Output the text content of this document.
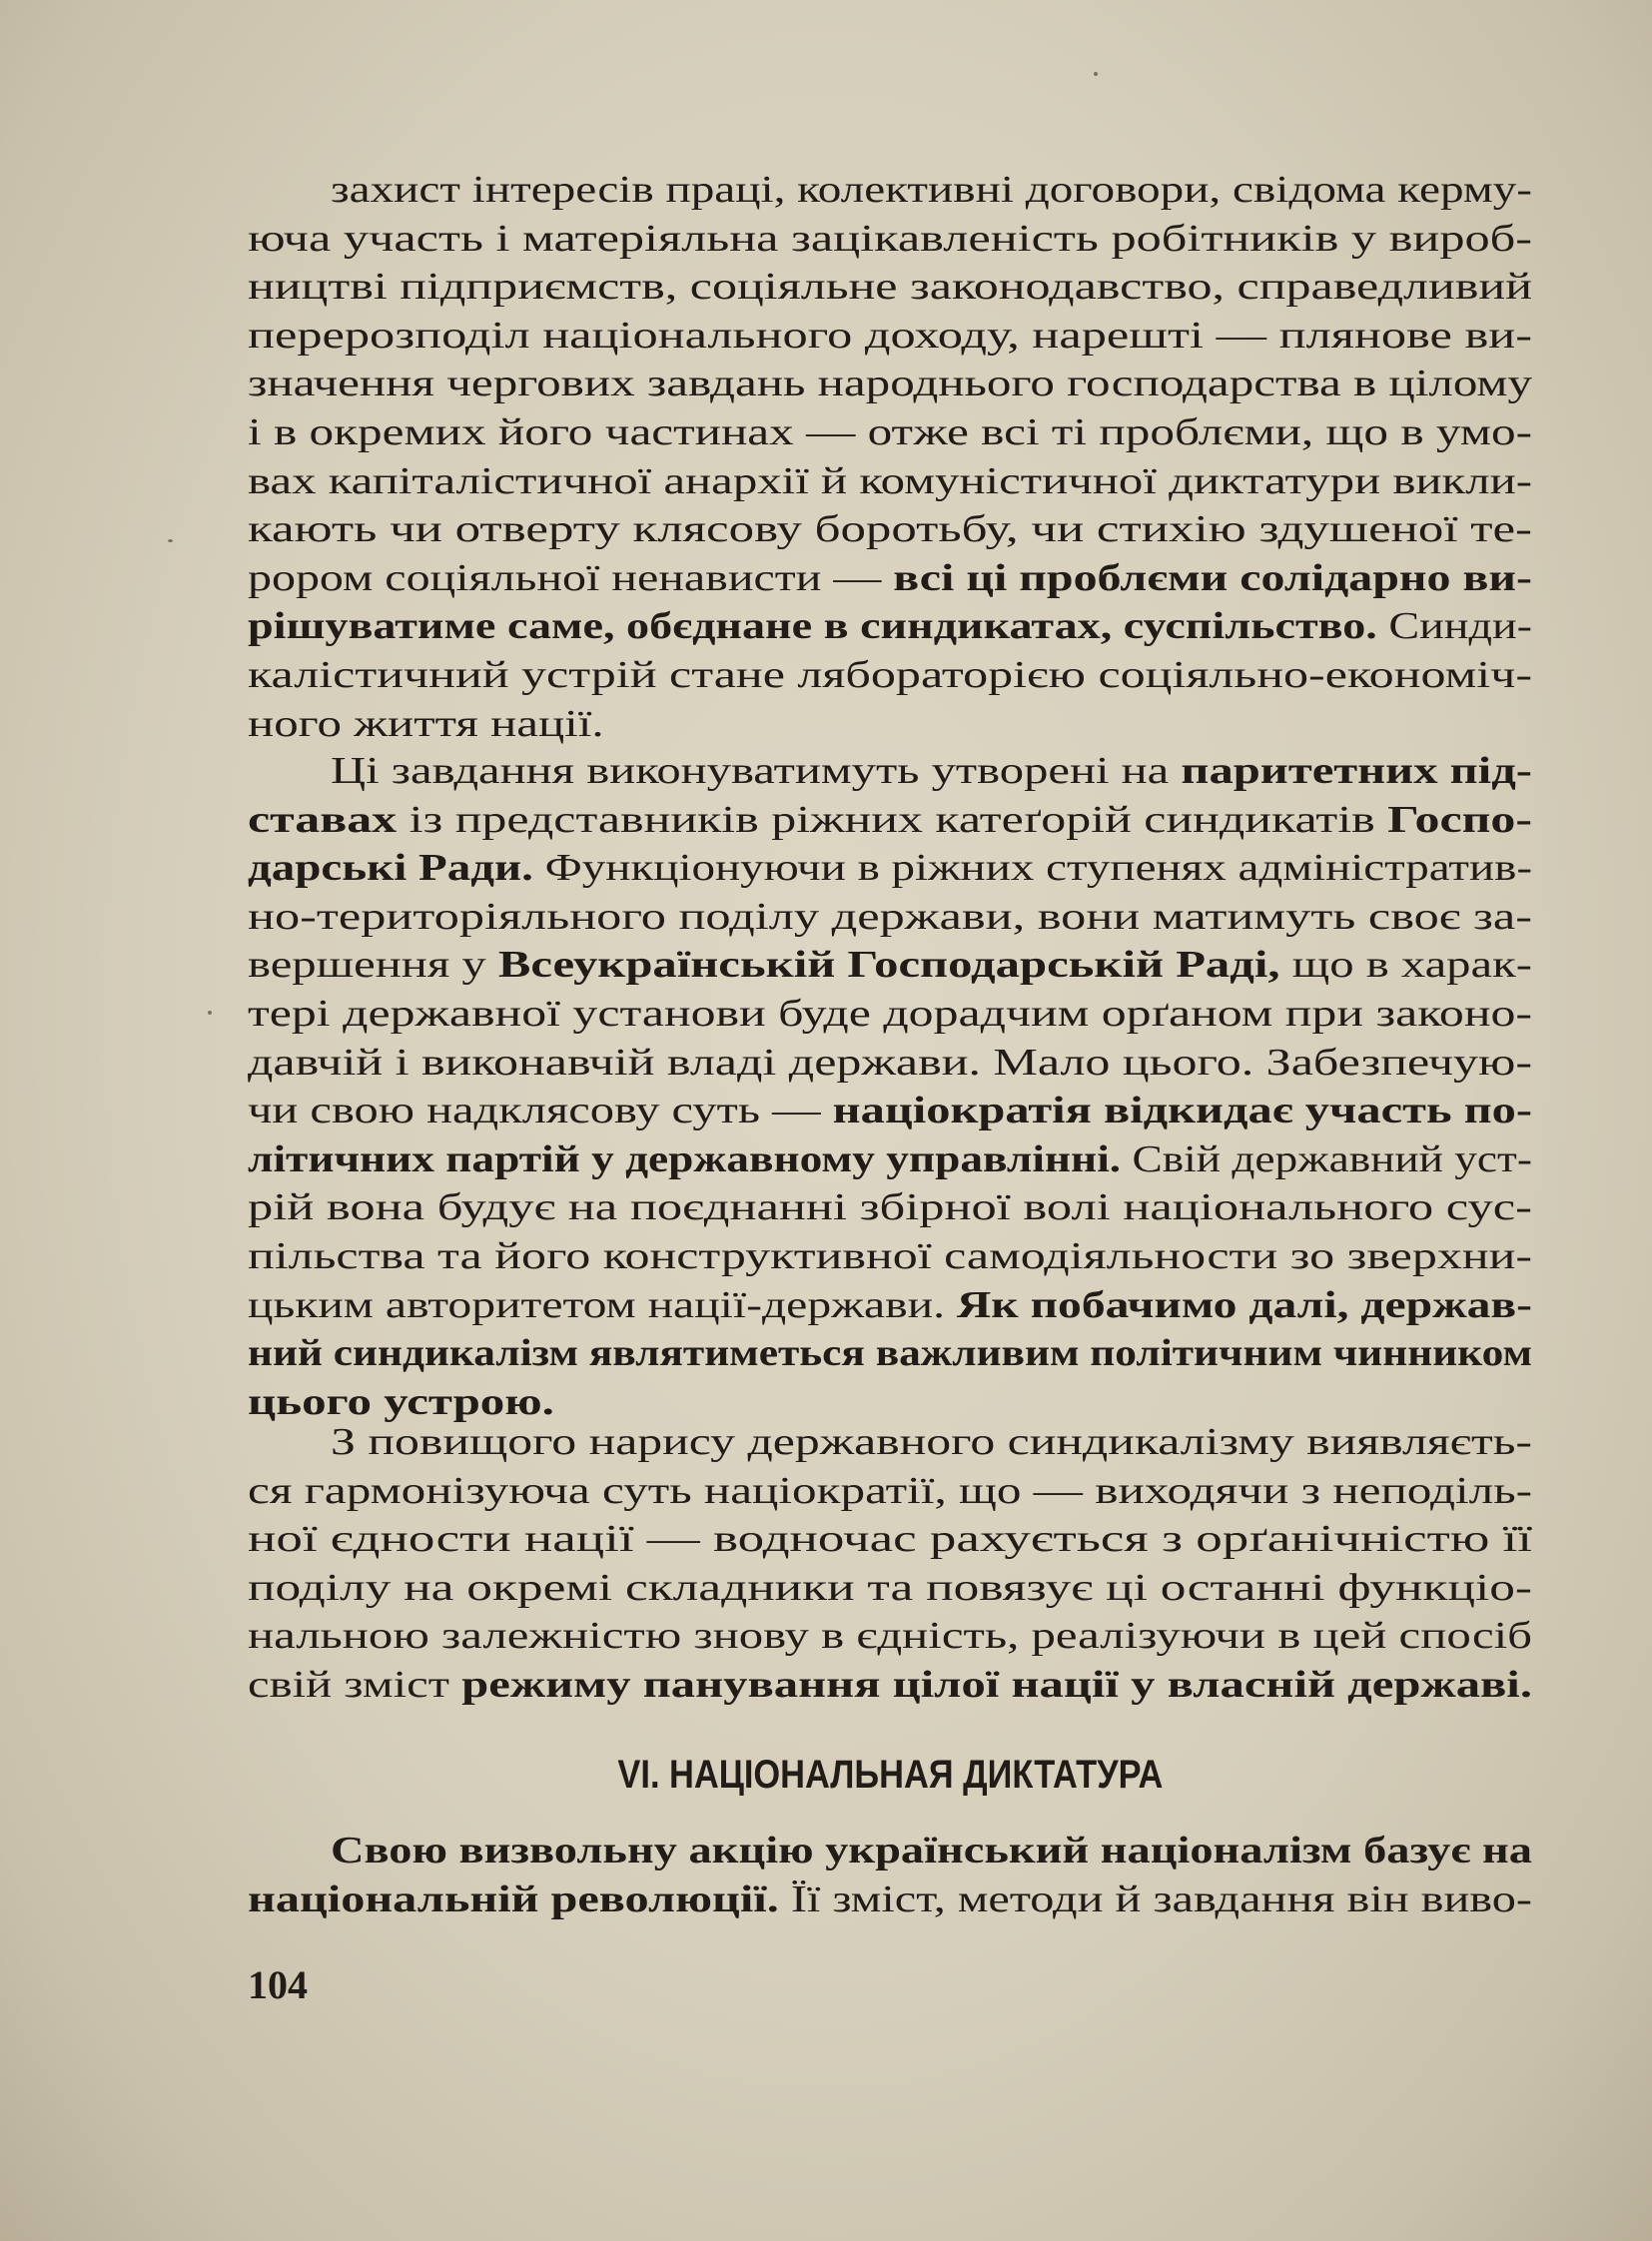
VI. НАЦІОНАЛЬНАЯ ДИКТАТУРА
104
захист інтересів праці, колективні договори, свідома керму-
юча участь і матеріяльна зацікавленість робітників у вироб-
ництві підприємств, соціяльне законодавство, справедливий
перерозподіл національного доходу, нарешті — плянове ви-
значення чергових завдань народнього господарства в цілому
і в окремих його частинах — отже всі ті проблєми, що в умо-
вах капіталістичної анархії й комуністичної диктатури викли-
кають чи отверту клясову боротьбу, чи стихію здушеної те-
рором соціяльної ненависти — всі ці проблєми солідарно ви-
рішуватиме саме, обєднане в синдикатах, суспільство. Синди-
калістичний устрій стане лябораторією соціяльно-економіч-
ного життя нації.
Ці завдання виконуватимуть утворені на паритетних під-
ставах із представників ріжних катеґорій синдикатів Госпо-
дарські Ради. Функціонуючи в ріжних ступенях адміністратив-
но-територіяльного поділу держави, вони матимуть своє за-
вершення у Всеукраїнській Господарській Раді, що в харак-
тері державної установи буде дорадчим орґаном при законо-
давчій і виконавчій владі держави. Мало цього. Забезпечую-
чи свою надклясову суть — націократія відкидає участь по-
літичних партій у державному управлінні. Свій державний уст-
рій вона будує на поєднанні збірної волі національного сус-
пільства та його конструктивної самодіяльности зо зверхни-
цьким авторитетом нації-держави. Як побачимо далі, держав-
ний синдикалізм являтиметься важливим політичним чинником
цього устрою.
З повищого нарису державного синдикалізму виявляєть-
ся гармонізуюча суть націократії, що — виходячи з неподіль-
ної єдности нації — водночас рахується з орґанічністю її
поділу на окремі складники та повязує ці останні функціо-
нальною залежністю знову в єдність, реалізуючи в цей спосіб
свій зміст режиму панування цілої нації у власній державі.
Свою визвольну акцію український націоналізм базує на
національній революції. Її зміст, методи й завдання він виво-
